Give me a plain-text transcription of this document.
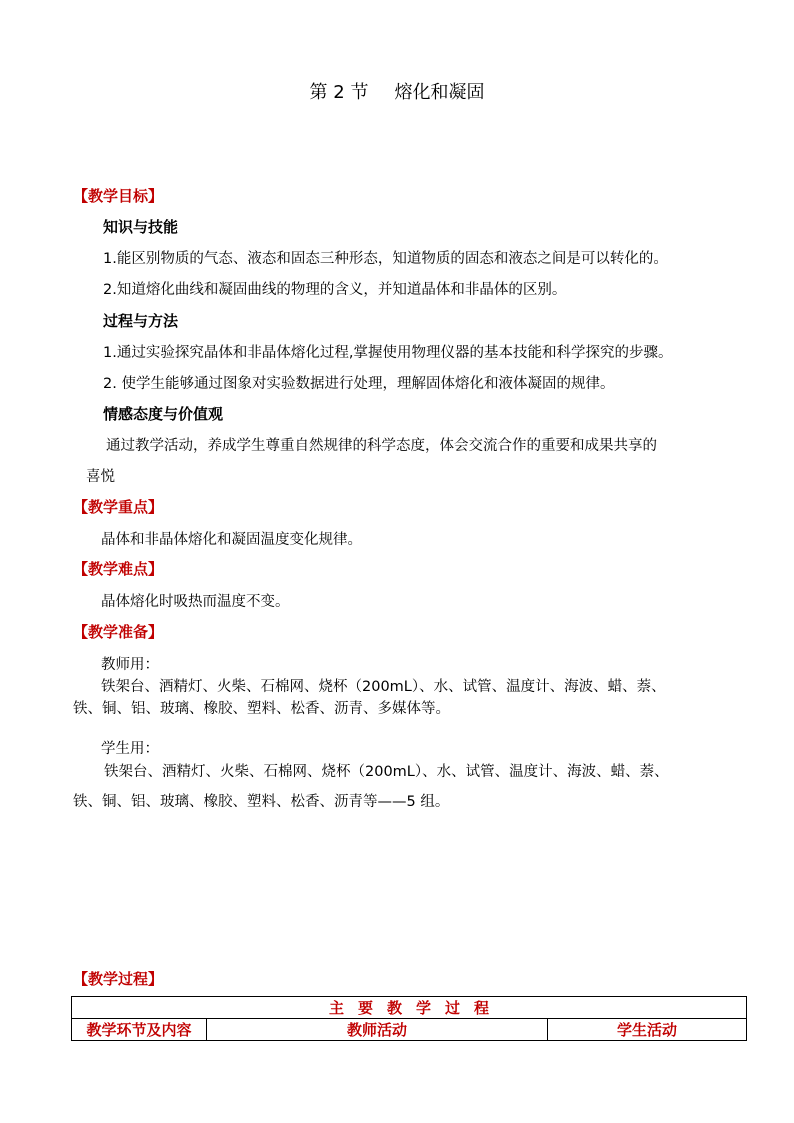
第 2 节 熔化和凝固
【教学目标】
知识与技能
1.能区别物质的气态、液态和固态三种形态，知道物质的固态和液态之间是可以转化的。
2.知道熔化曲线和凝固曲线的物理的含义，并知道晶体和非晶体的区别。
过程与方法
1.通过实验探究晶体和非晶体熔化过程,掌握使用物理仪器的基本技能和科学探究的步骤。
2. 使学生能够通过图象对实验数据进行处理，理解固体熔化和液体凝固的规律。
情感态度与价值观
通过教学活动，养成学生尊重自然规律的科学态度，体会交流合作的重要和成果共享的
喜悦
【教学重点】
晶体和非晶体熔化和凝固温度变化规律。
【教学难点】
晶体熔化时吸热而温度不变。
【教学准备】
教师用：
铁架台、酒精灯、火柴、石棉网、烧杯（200mL）、水、试管、温度计、海波、蜡、萘、
铁、铜、铝、玻璃、橡胶、塑料、松香、沥青、多媒体等。
学生用：
铁架台、酒精灯、火柴、石棉网、烧杯（200mL）、水、试管、温度计、海波、蜡、萘、
铁、铜、铝、玻璃、橡胶、塑料、松香、沥青等——5 组。
【教学过程】
主要教学过程
教学环节及内容	教师活动	学生活动
